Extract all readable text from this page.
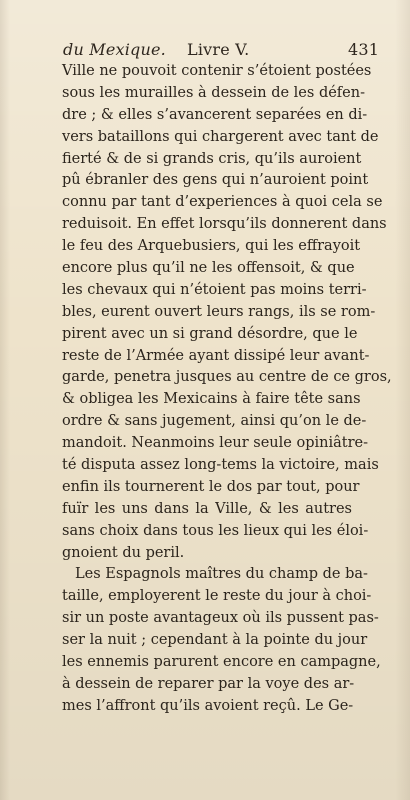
du Mexique. Livre V.	431
Ville ne pouvoit contenir s’étoient postées
sous les murailles à dessein de les défen-
dre ; & elles s’avancerent separées en di-
vers bataillons qui chargerent avec tant de
fierté & de si grands cris, qu’ils auroient
pû ébranler des gens qui n’auroient point
connu par tant d’experiences à quoi cela se
reduisoit. En effet lorsqu’ils donnerent dans
le feu des Arquebusiers, qui les effrayoit
encore plus qu’il ne les offensoit, & que
les chevaux qui n’étoient pas moins terri-
bles, eurent ouvert leurs rangs, ils se rom-
pirent avec un si grand désordre, que le
reste de l’Armée ayant dissipé leur avant-
garde, penetra jusques au centre de ce gros,
& obligea les Mexicains à faire tête sans
ordre & sans jugement, ainsi qu’on le de-
mandoit. Neanmoins leur seule opiniâtre-
té disputa assez long-tems la victoire, mais
enfin ils tournerent le dos par tout, pour
fuïr les uns dans la Ville, & les autres
sans choix dans tous les lieux qui les éloi-
gnoient du peril.
Les Espagnols maîtres du champ de ba-
taille, employerent le reste du jour à choi-
sir un poste avantageux où ils pussent pas-
ser la nuit ; cependant à la pointe du jour
les ennemis parurent encore en campagne,
à dessein de reparer par la voye des ar-
mes l’affront qu’ils avoient reçû. Le Ge-
